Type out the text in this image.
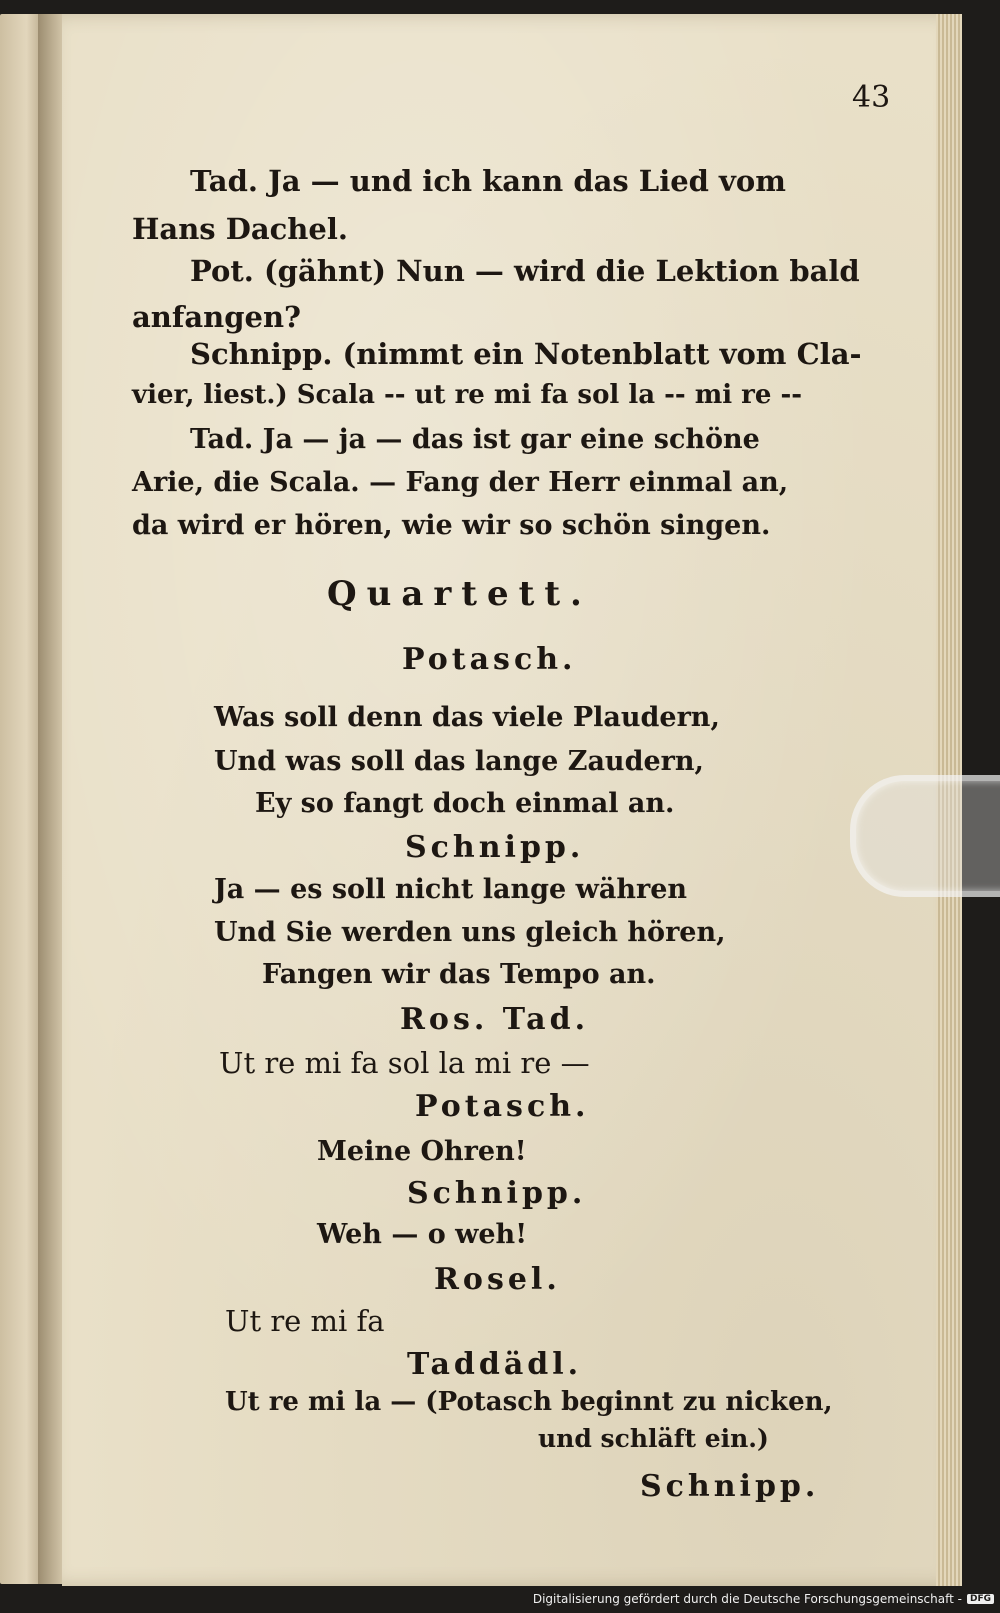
43
Tad. Ja — und ich kann das Lied vom
Hans Dachel.
Pot. (gähnt) Nun — wird die Lektion bald
anfangen?
Schnipp. (nimmt ein Notenblatt vom Cla-
vier, liest.) Scala -- ut re mi fa sol la -- mi re --
Tad. Ja — ja — das ist gar eine schöne
Arie, die Scala. — Fang der Herr einmal an,
da wird er hören, wie wir so schön singen.
Quartett.
Potasch.
Was soll denn das viele Plaudern,
Und was soll das lange Zaudern,
Ey so fangt doch einmal an.
Schnipp.
Ja — es soll nicht lange währen
Und Sie werden uns gleich hören,
Fangen wir das Tempo an.
Ros. Tad.
Ut re mi fa sol la mi re —
Potasch.
Meine Ohren!
Schnipp.
Weh — o weh!
Rosel.
Ut re mi fa
Taddädl.
Ut re mi la — (Potasch beginnt zu nicken,
und schläft ein.)
Schnipp.
Digitalisierung gefördert durch die Deutsche Forschungsgemeinschaft - DFG
